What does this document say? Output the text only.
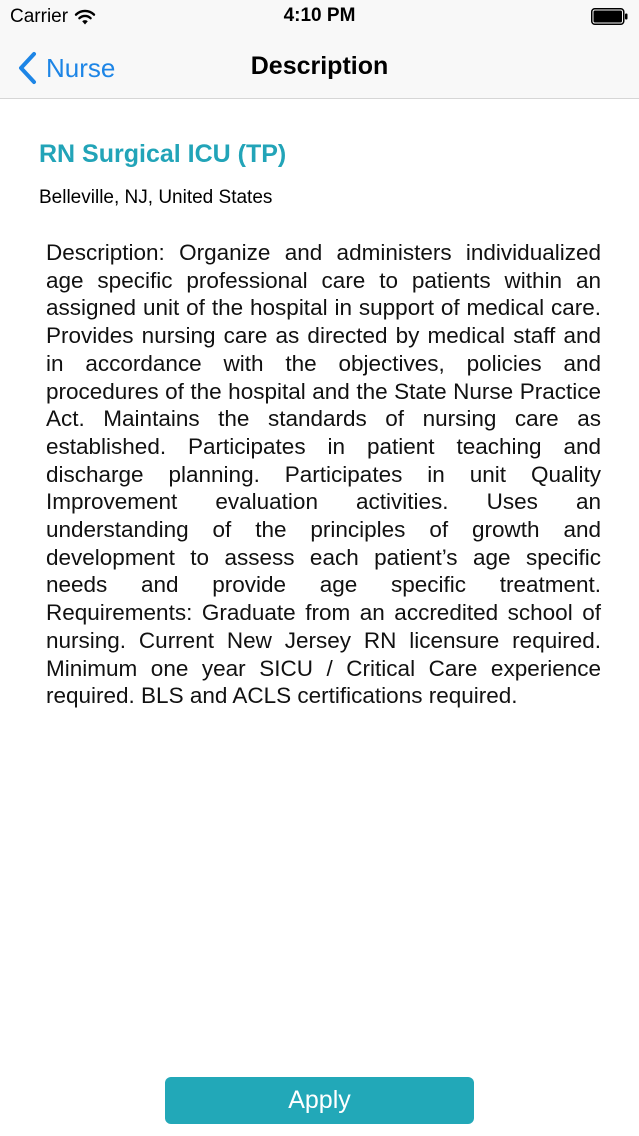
Carrier	4:10 PM
Nurse	Description
RN Surgical ICU (TP)
Belleville, NJ, United States

Description: Organize and administers individualized age specific professional care to patients within an assigned unit of the hospital in support of medical care. Provides nursing care as directed by medical staff and in accordance with the objectives, policies and procedures of the hospital and the State Nurse Practice Act. Maintains the standards of nursing care as established. Participates in patient teaching and discharge planning. Participates in unit Quality Improvement evaluation activities. Uses an understanding of the principles of growth and development to assess each patient’s age specific needs and provide age specific treatment. Requirements: Graduate from an accredited school of nursing. Current New Jersey RN licensure required. Minimum one year SICU / Critical Care experience required. BLS and ACLS certifications required.

Apply
